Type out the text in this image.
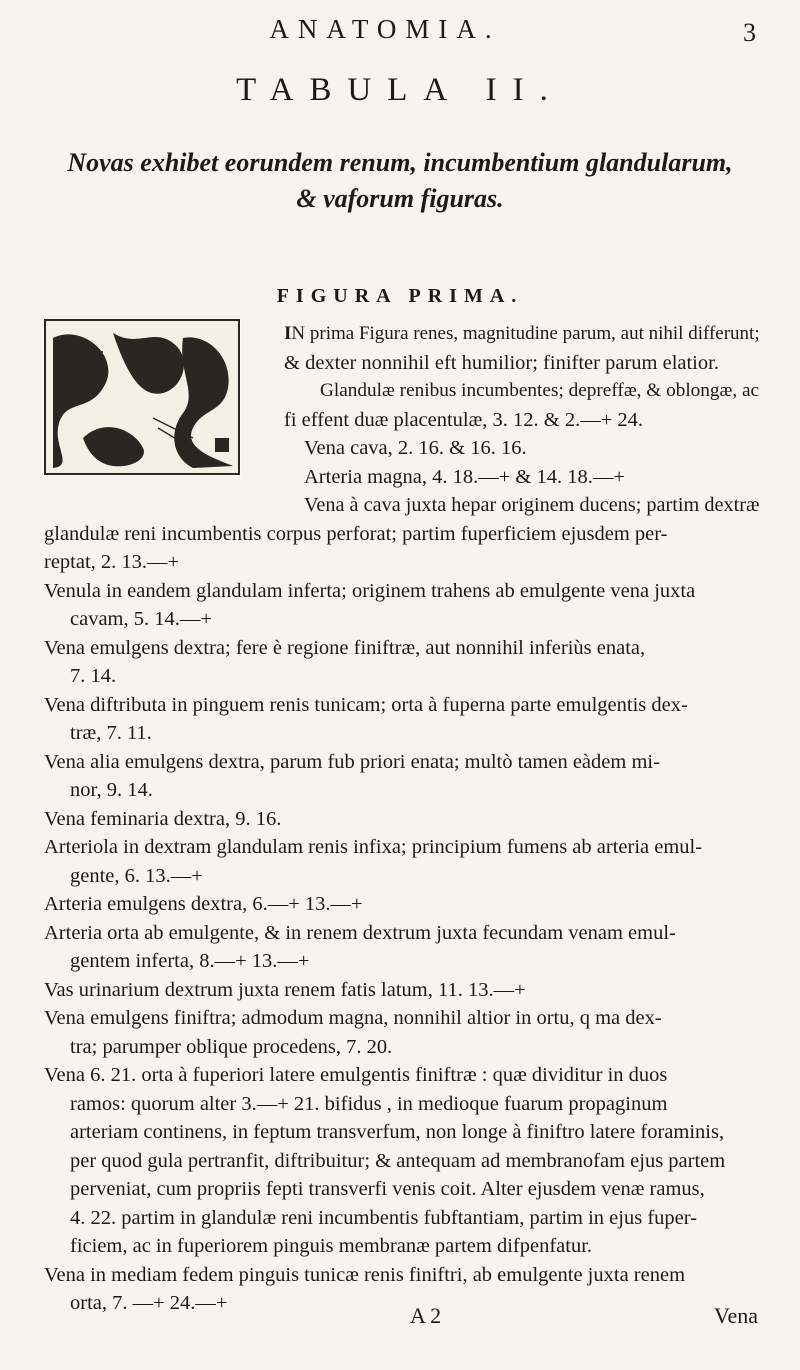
ANATOMIA.	3
TABULA II.
Novas exhibet eorundem renum, incumbentium glandularum,
& vaforum figuras.
FIGURA PRIMA.
IN prima Figura renes, magnitudine parum, aut nihil differunt;
& dexter nonnihil eft humilior; finifter parum elatior.
Glandulæ renibus incumbentes; depreffæ, & oblongæ, ac
fi effent duæ placentulæ, 3. 12. & 2.—+ 24.
Vena cava, 2. 16. & 16. 16.
Arteria magna, 4. 18.—+ & 14. 18.—+
Vena à cava juxta hepar originem ducens; partim dextræ
glandulæ reni incumbentis corpus perforat; partim fuperficiem ejusdem per-
reptat, 2. 13.—+
Venula in eandem glandulam inferta; originem trahens ab emulgente vena juxta
cavam, 5. 14.—+
Vena emulgens dextra; fere è regione finiftræ, aut nonnihil inferiùs enata,
7. 14.
Vena diftributa in pinguem renis tunicam; orta à fuperna parte emulgentis dex-
træ, 7. 11.
Vena alia emulgens dextra, parum fub priori enata; multò tamen eàdem mi-
nor, 9. 14.
Vena feminaria dextra, 9. 16.
Arteriola in dextram glandulam renis infixa; principium fumens ab arteria emul-
gente, 6. 13.—+
Arteria emulgens dextra, 6.—+ 13.—+
Arteria orta ab emulgente, & in renem dextrum juxta fecundam venam emul-
gentem inferta, 8.—+ 13.—+
Vas urinarium dextrum juxta renem fatis latum, 11. 13.—+
Vena emulgens finiftra; admodum magna, nonnihil altior in ortu, q ma dex-
tra; parumper oblique procedens, 7. 20.
Vena 6. 21. orta à fuperiori latere emulgentis finiftræ : quæ dividitur in duos
ramos: quorum alter 3.—+ 21. bifidus , in medioque fuarum propaginum
arteriam continens, in feptum transverfum, non longe à finiftro latere foraminis,
per quod gula pertranfit, diftribuitur; & antequam ad membranofam ejus partem
perveniat, cum propriis fepti transverfi venis coit. Alter ejusdem venæ ramus,
4. 22. partim in glandulæ reni incumbentis fubftantiam, partim in ejus fuper-
ficiem, ac in fuperiorem pinguis membranæ partem difpenfatur.
Vena in mediam fedem pinguis tunicæ renis finiftri, ab emulgente juxta renem
orta, 7. —+ 24.—+	A 2	Vena
